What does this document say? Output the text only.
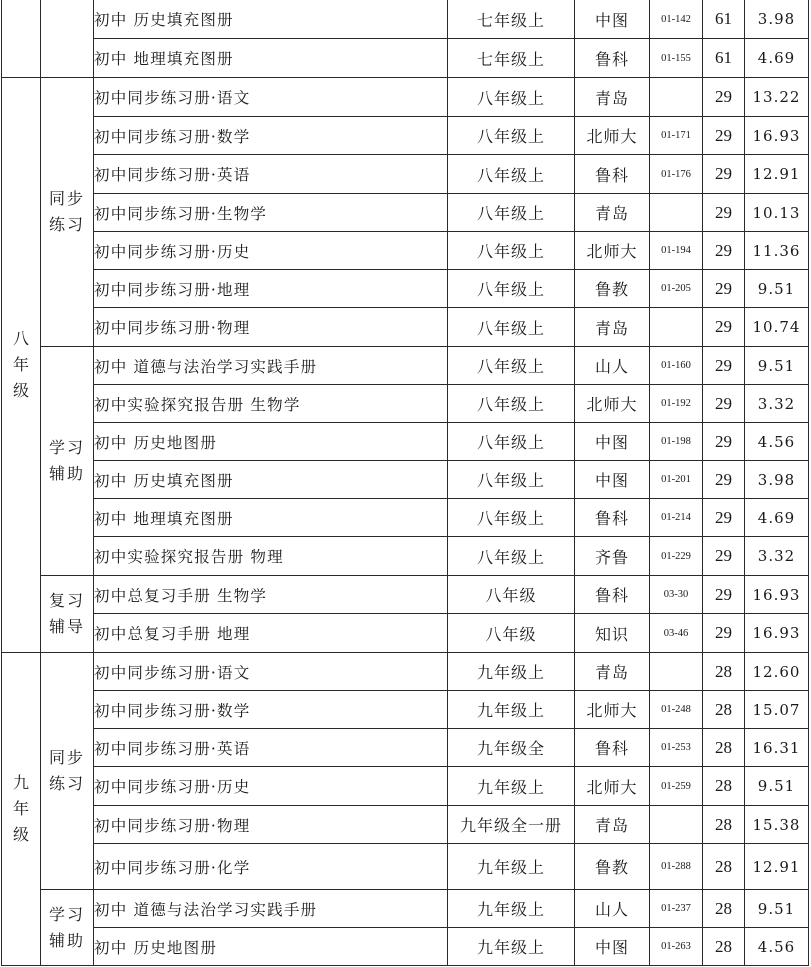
		初中 历史填充图册	七年级上	中图	01-142	61	3.98
		初中 地理填充图册	七年级上	鲁科	01-155	61	4.69

八
年
级	同步
练习	初中同步练习册·语文	八年级上	青岛		29	13.22
		初中同步练习册·数学	八年级上	北师大	01-171	29	16.93
		初中同步练习册·英语	八年级上	鲁科	01-176	29	12.91
		初中同步练习册·生物学	八年级上	青岛		29	10.13
		初中同步练习册·历史	八年级上	北师大	01-194	29	11.36
		初中同步练习册·地理	八年级上	鲁教	01-205	29	9.51
		初中同步练习册·物理	八年级上	青岛		29	10.74

	学习
辅助	初中 道德与法治学习实践手册	八年级上	山人	01-160	29	9.51
		初中实验探究报告册 生物学	八年级上	北师大	01-192	29	3.32
		初中 历史地图册	八年级上	中图	01-198	29	4.56
		初中 历史填充图册	八年级上	中图	01-201	29	3.98
		初中 地理填充图册	八年级上	鲁科	01-214	29	4.69
		初中实验探究报告册 物理	八年级上	齐鲁	01-229	29	3.32

	复习
辅导	初中总复习手册 生物学	八年级	鲁科	03-30	29	16.93
		初中总复习手册 地理	八年级	知识	03-46	29	16.93

九
年
级	同步
练习	初中同步练习册·语文	九年级上	青岛		28	12.60
		初中同步练习册·数学	九年级上	北师大	01-248	28	15.07
		初中同步练习册·英语	九年级全	鲁科	01-253	28	16.31
		初中同步练习册·历史	九年级上	北师大	01-259	28	9.51
		初中同步练习册·物理	九年级全一册	青岛		28	15.38
		初中同步练习册·化学	九年级上	鲁教	01-288	28	12.91

	学习
辅助	初中 道德与法治学习实践手册	九年级上	山人	01-237	28	9.51
		初中 历史地图册	九年级上	中图	01-263	28	4.56
